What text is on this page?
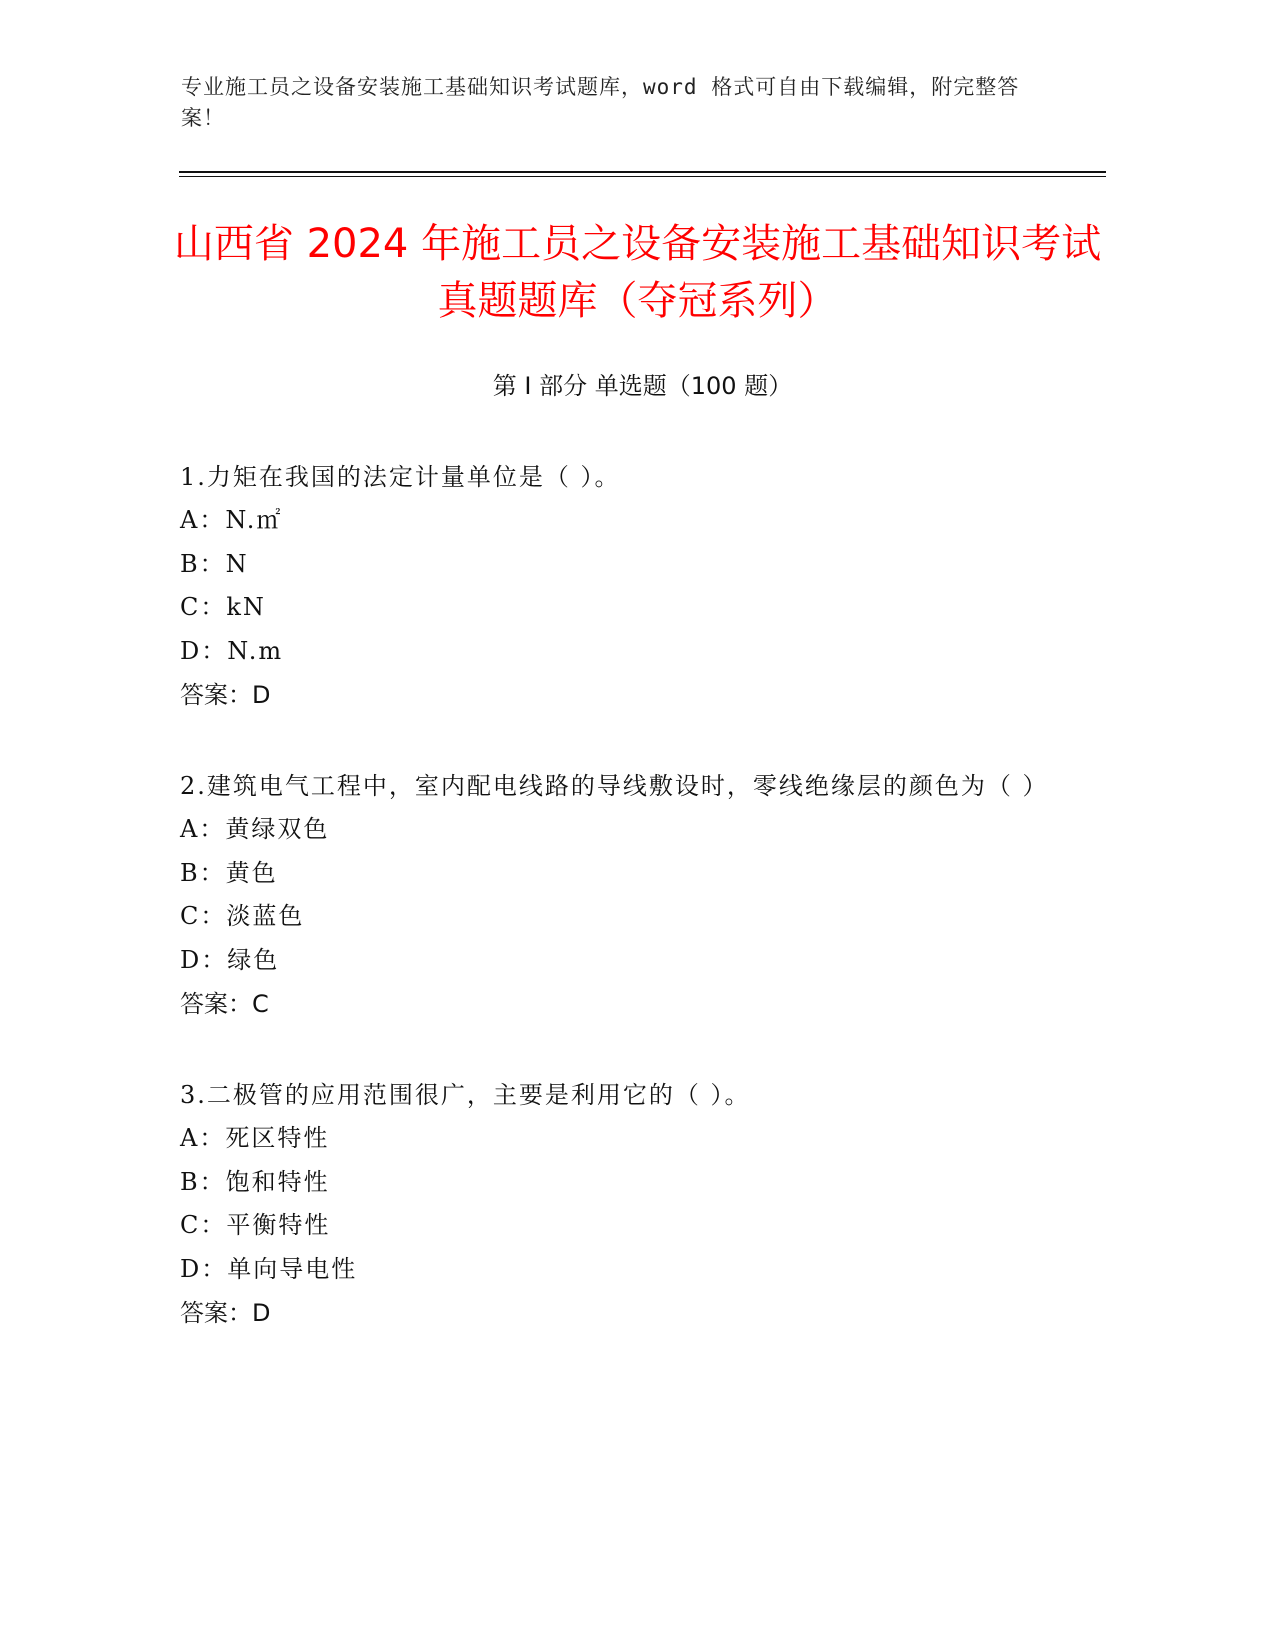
专业施工员之设备安装施工基础知识考试题库，word 格式可自由下载编辑，附完整答案！
山西省 2024 年施工员之设备安装施工基础知识考试真题题库（夺冠系列）
第 I 部分 单选题（100 题）
1.力矩在我国的法定计量单位是（ ）。
A：N.㎡
B：N
C：kN
D：N.m
答案：D
2.建筑电气工程中，室内配电线路的导线敷设时，零线绝缘层的颜色为（ ）
A：黄绿双色
B：黄色
C：淡蓝色
D：绿色
答案：C
3.二极管的应用范围很广，主要是利用它的（ ）。
A：死区特性
B：饱和特性
C：平衡特性
D：单向导电性
答案：D
